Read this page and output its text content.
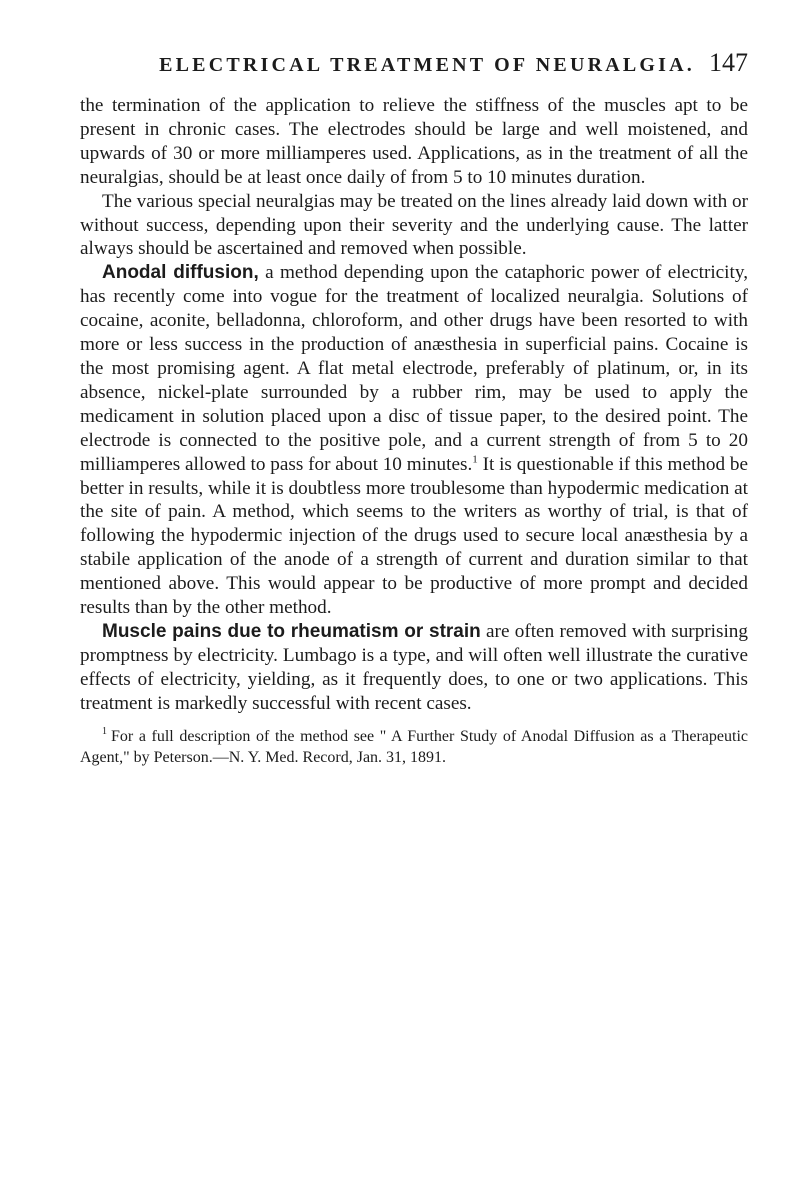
ELECTRICAL TREATMENT OF NEURALGIA. 147

the termination of the application to relieve the stiffness of the muscles apt to be present in chronic cases. The electrodes should be large and well moistened, and upwards of 30 or more milliamperes used. Applications, as in the treatment of all the neuralgias, should be at least once daily of from 5 to 10 minutes duration.

The various special neuralgias may be treated on the lines already laid down with or without success, depending upon their severity and the underlying cause. The latter always should be ascertained and removed when possible.

Anodal diffusion, a method depending upon the cataphoric power of electricity, has recently come into vogue for the treatment of localized neuralgia. Solutions of cocaine, aconite, belladonna, chloroform, and other drugs have been resorted to with more or less success in the production of anæsthesia in superficial pains. Cocaine is the most promising agent. A flat metal electrode, preferably of platinum, or, in its absence, nickel-plate surrounded by a rubber rim, may be used to apply the medicament in solution placed upon a disc of tissue paper, to the desired point. The electrode is connected to the positive pole, and a current strength of from 5 to 20 milliamperes allowed to pass for about 10 minutes.$^1$ It is questionable if this method be better in results, while it is doubtless more troublesome than hypodermic medication at the site of pain. A method, which seems to the writers as worthy of trial, is that of following the hypodermic injection of the drugs used to secure local anæsthesia by a stabile application of the anode of a strength of current and duration similar to that mentioned above. This would appear to be productive of more prompt and decided results than by the other method.

Muscle pains due to rheumatism or strain are often removed with surprising promptness by electricity. Lumbago is a type, and will often well illustrate the curative effects of electricity, yielding, as it frequently does, to one or two applications. This treatment is markedly successful with recent cases.

$^1$ For a full description of the method see " A Further Study of Anodal Diffusion as a Therapeutic Agent," by Peterson.—N. Y. Med. Record, Jan. 31, 1891.
